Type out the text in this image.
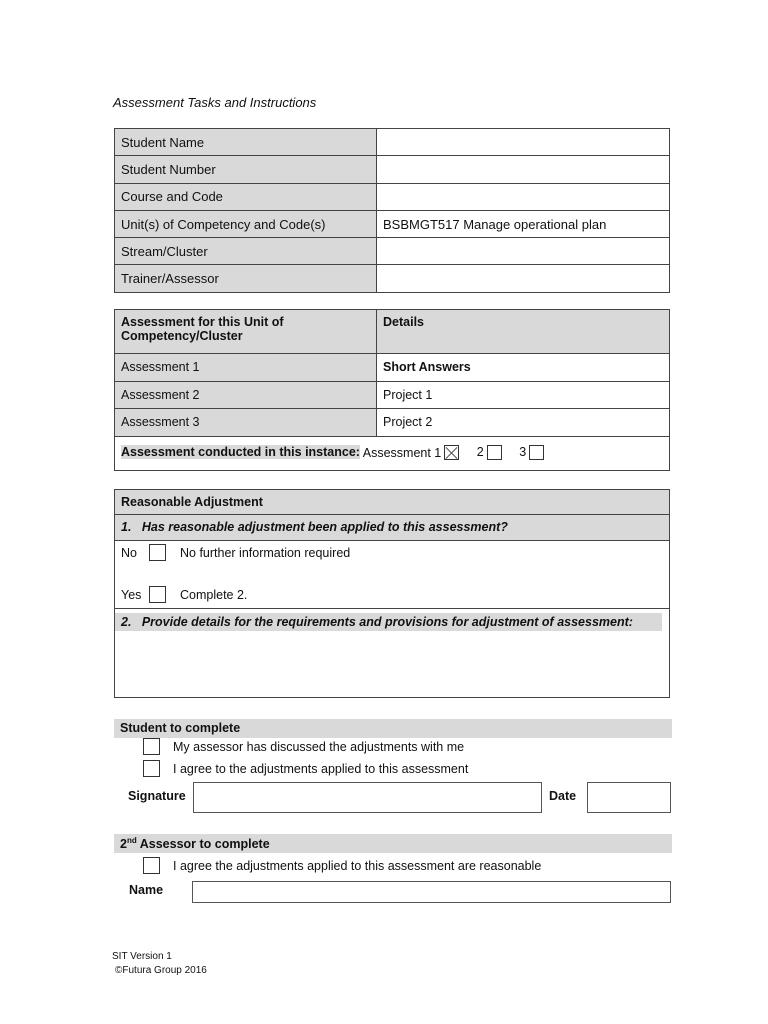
Assessment Tasks and Instructions
Student Name	
Student Number	
Course and Code	
Unit(s) of Competency and Code(s)	BSBMGT517 Manage operational plan
Stream/Cluster	
Trainer/Assessor	
Assessment for this Unit of Competency/Cluster	Details
Assessment 1	Short Answers
Assessment 2	Project 1
Assessment 3	Project 2
Assessment conducted in this instance: Assessment 1 2 3	
Reasonable Adjustment
1.   Has reasonable adjustment been applied to this assessment?
No	No further information required
Yes	Complete 2.
2.   Provide details for the requirements and provisions for adjustment of assessment:
Student to complete
My assessor has discussed the adjustments with me
I agree to the adjustments applied to this assessment
Signature	Date
2nd Assessor to complete
I agree the adjustments applied to this assessment are reasonable
Name
SIT Version 1
©Futura Group 2016
